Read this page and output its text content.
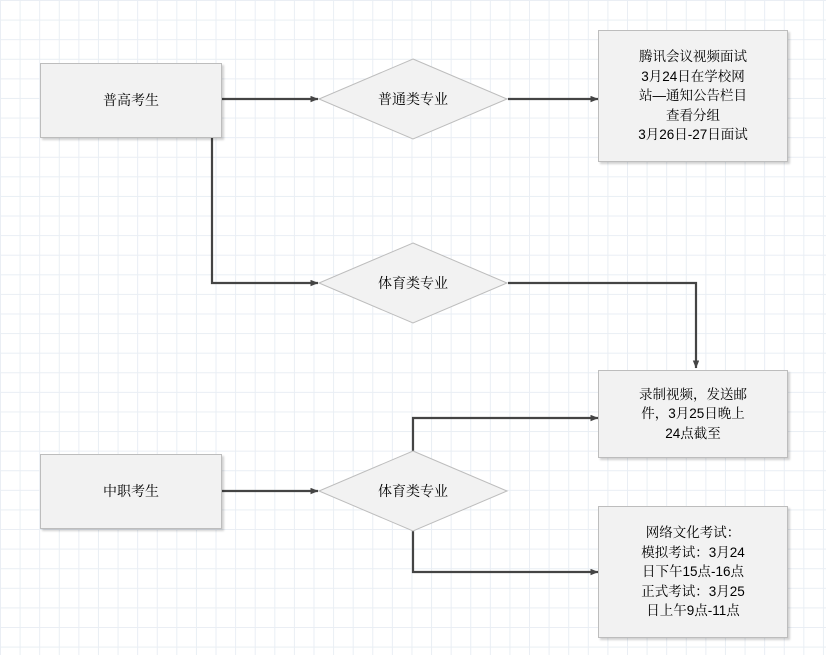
普高考生	普通类专业
腾讯会议视频面试
3月24日在学校网
站—通知公告栏目
查看分组
3月26日-27日面试
体育类专业
录制视频，发送邮
件，3月25日晚上
24点截至
中职考生	体育类专业
网络文化考试：
模拟考试：3月24
日下午15点-16点
正式考试：3月25
日上午9点-11点
